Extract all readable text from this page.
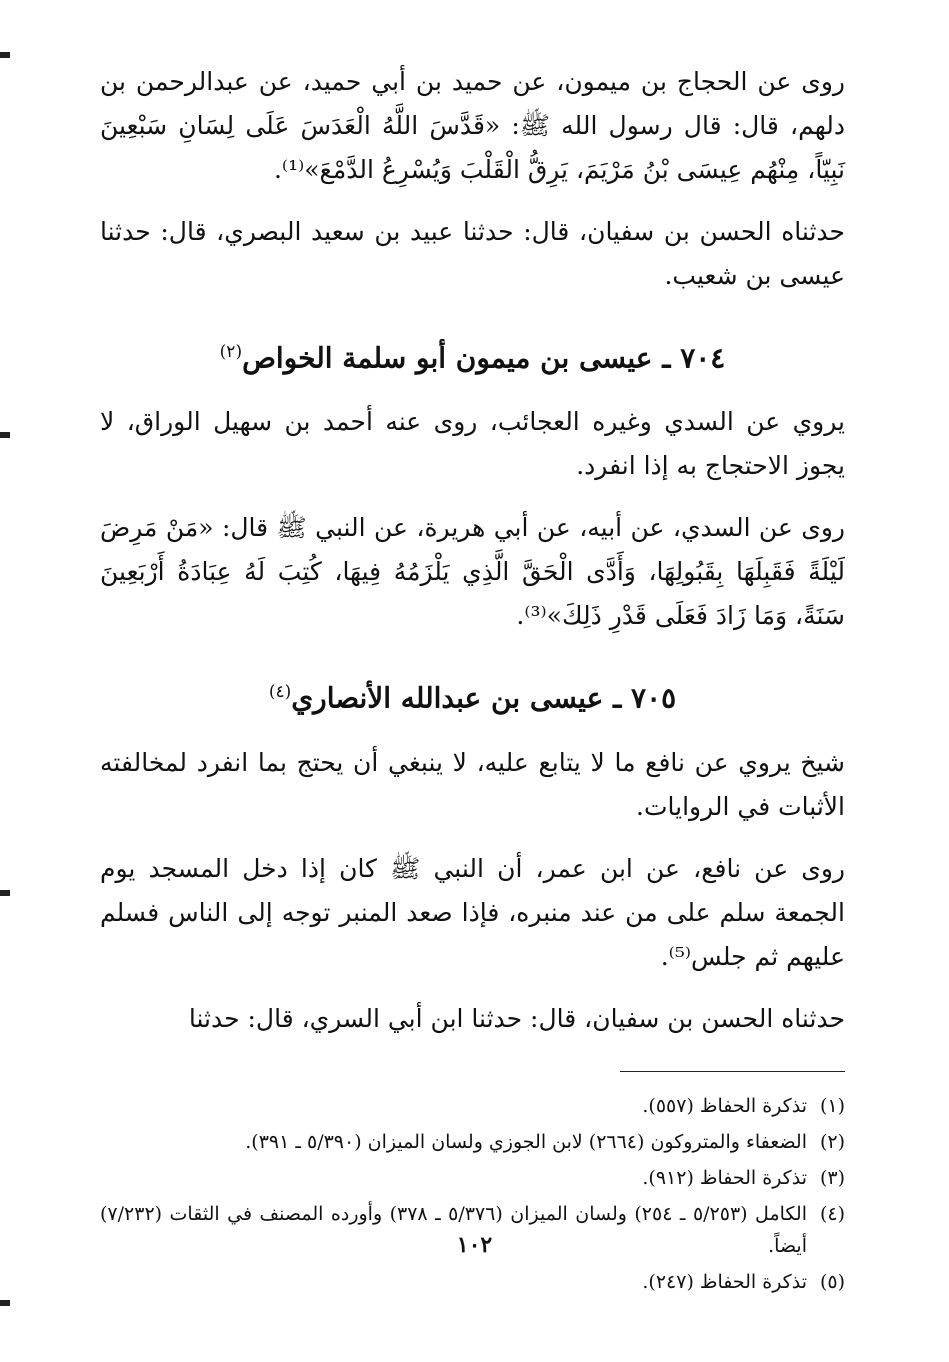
روى عن الحجاج بن ميمون، عن حميد بن أبي حميد، عن عبدالرحمن بن دلهم، قال: قال رسول الله ﷺ: «قَدَّسَ اللَّهُ الْعَدَسَ عَلَى لِسَانِ سَبْعِينَ نَبِيّاً، مِنْهُم عِيسَى بْنُ مَرْيَمَ، يَرِقُّ الْقَلْبَ وَيُسْرِعُ الدَّمْعَ»⁽¹⁾.

حدثناه الحسن بن سفيان، قال: حدثنا عبيد بن سعيد البصري، قال: حدثنا عيسى بن شعيب.

٧٠٤ ـ عيسى بن ميمون أبو سلمة الخواص$^{(٢)}$

يروي عن السدي وغيره العجائب، روى عنه أحمد بن سهيل الوراق، لا يجوز الاحتجاج به إذا انفرد.

روى عن السدي، عن أبيه، عن أبي هريرة، عن النبي ﷺ قال: «مَنْ مَرِضَ لَيْلَةً فَقَبِلَهَا بِقَبُولِهَا، وَأَدَّى الْحَقَّ الَّذِي يَلْزَمُهُ فِيهَا، كُتِبَ لَهُ عِبَادَةُ أَرْبَعِينَ سَنَةً، وَمَا زَادَ فَعَلَى قَدْرِ ذَلِكَ»⁽³⁾.

٧٠٥ ـ عيسى بن عبدالله الأنصاري$^{(٤)}$

شيخ يروي عن نافع ما لا يتابع عليه، لا ينبغي أن يحتج بما انفرد لمخالفته الأثبات في الروايات.

روى عن نافع، عن ابن عمر، أن النبي ﷺ كان إذا دخل المسجد يوم الجمعة سلم على من عند منبره، فإذا صعد المنبر توجه إلى الناس فسلم عليهم ثم جلس⁽⁵⁾.

حدثناه الحسن بن سفيان، قال: حدثنا ابن أبي السري، قال: حدثنا

(١)
تذكرة الحفاظ (٥٥٧).
(٢)
الضعفاء والمتروكون (٢٦٦٤) لابن الجوزي ولسان الميزان (٥/٣٩٠ ـ ٣٩١).
(٣)
تذكرة الحفاظ (٩١٢).
(٤)
الكامل (٥/٢٥٣ ـ ٢٥٤) ولسان الميزان (٥/٣٧٦ ـ ٣٧٨) وأورده المصنف في الثقات (٧/٢٣٢) أيضاً.
(٥)
تذكرة الحفاظ (٢٤٧).
١٠٢
